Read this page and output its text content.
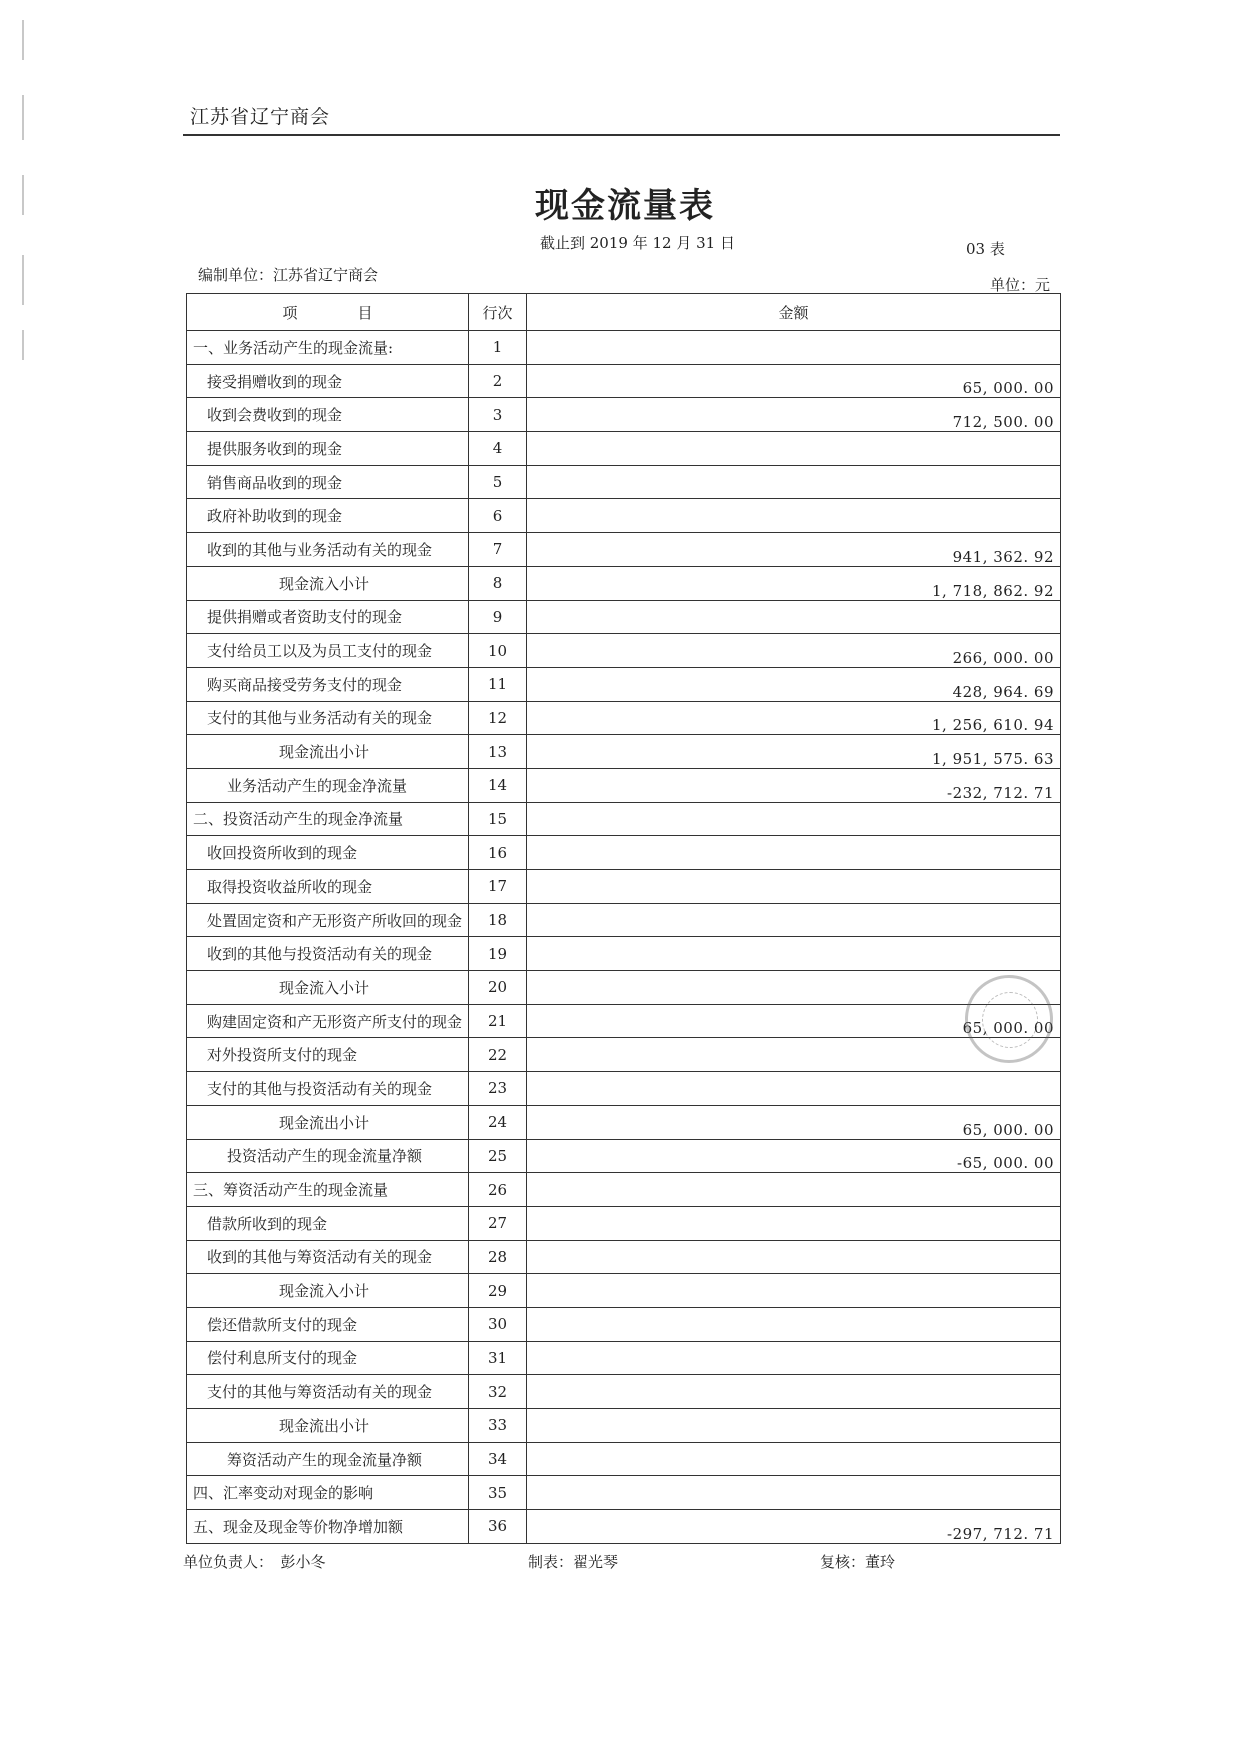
江苏省辽宁商会
现金流量表
截止到 2019 年 12 月 31 日	03 表
编制单位：江苏省辽宁商会
单位：元
项　　　　目	行次	金额
一、业务活动产生的现金流量:	1	
接受捐赠收到的现金	2	65, 000. 00
收到会费收到的现金	3	712, 500. 00
提供服务收到的现金	4	
销售商品收到的现金	5	
政府补助收到的现金	6	
收到的其他与业务活动有关的现金	7	941, 362. 92
现金流入小计	8	1, 718, 862. 92
提供捐赠或者资助支付的现金	9	
支付给员工以及为员工支付的现金	10	266, 000. 00
购买商品接受劳务支付的现金	11	428, 964. 69
支付的其他与业务活动有关的现金	12	1, 256, 610. 94
现金流出小计	13	1, 951, 575. 63
业务活动产生的现金净流量	14	-232, 712. 71
二、投资活动产生的现金净流量	15	
收回投资所收到的现金	16	
取得投资收益所收的现金	17	
处置固定资和产无形资产所收回的现金	18	
收到的其他与投资活动有关的现金	19	
现金流入小计	20	
购建固定资和产无形资产所支付的现金	21	65, 000. 00
对外投资所支付的现金	22	
支付的其他与投资活动有关的现金	23	
现金流出小计	24	65, 000. 00
投资活动产生的现金流量净额	25	-65, 000. 00
三、筹资活动产生的现金流量	26	
借款所收到的现金	27	
收到的其他与筹资活动有关的现金	28	
现金流入小计	29	
偿还借款所支付的现金	30	
偿付利息所支付的现金	31	
支付的其他与筹资活动有关的现金	32	
现金流出小计	33	
筹资活动产生的现金流量净额	34	
四、汇率变动对现金的影响	35	
五、现金及现金等价物净增加额	36	-297, 712. 71
单位负责人：　彭小冬	制表：翟光琴	复核：董玲
